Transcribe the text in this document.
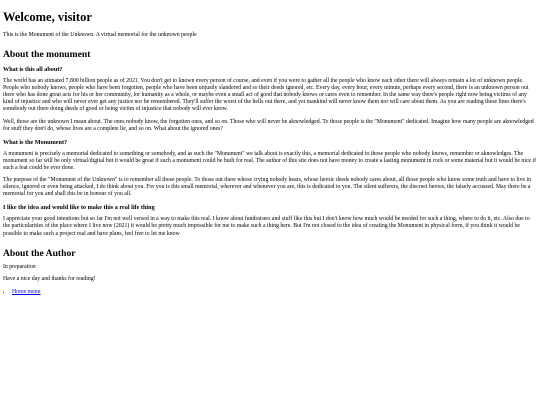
Welcome, visitor

This is the Monument of the Unknown. A virtual memorial for the unknown people

About the monument
What is this all about?

The world has an stimated 7.800 billion people as of 2021. You don't get to known every person of course, and even if you were to gather all the people who know each other there will always remain a lot of unknown people. People who nobody knows, people who have been forgotten, people who have been unjustly slandered and so their deeds ignored, etc. Every day, every hour, every minute, perhaps every second, there is an unknown person out there who has done great acts for his or her community, for humanity as a whole, or maybe even a small act of good that nobody knows or cares even to remember. In the same way there's people right now being victims of any kind of injustice and who will never ever get any justice nor be remembered. They'll suffer the worst of the hells out there, and yet mankind will never know them nor will care about them. As you are reading these lines there's somebody out there doing deeds of good or being victim of injustice that nobody will ever know.

Well, those are the unknown I mean about. The ones nobody know, the forgotten ones, and so on. Those who will never be aknowledged. To those people is the "Monument" dedicated. Imagine how many people are aknowledged for stuff they don't do, whose lives are a complete lie, and so on. What about the ignored ones?

What is the Monument?

A monument is precisely a memorial dedicated to something or somebody, and as such the "Monument" we talk about is exactly this, a memorial dedicated to those people who nobody knows, remember or aknowledges. The monument so far will be only virtual/digital but it would be great if such a monument could be built for real. The author of this site does not have money to create a lasting monument in rock or some material but it would be nice if such a feat could be ever done.

The purpose of the "Monument of the Unknown" is to remember all those people. To those out there whose crying nobody hears, whose heroic deeds nobody cares about, all those people who know some truth and have to live in silence, ignored or even being attacked, I do think about you. For you is this small memorial, wherever and whenever you are, this is dedicated to you. The silent sufferers, the discreet heroes, the falsely accussed. May there be a memorial for you and shall this be in honour of you all.

I like the idea and would like to make this a real life thing

I appreciate your good intentions but so far I'm not well versed in a way to make this real. I know about fundraisers and stuff like this but I don't know how much would be needed for such a thing, where to do it, etc. Also due to the particularities of the place where I live now (2021) it would be pretty much impossible for me to make such a thing here. But I'm not closed to the idea of creating the Monument in physical form, if you think it would be possible to make such a project real and have plans, feel free to let me know

About the Author

In preparation

Have a nice day and thanks for reading!

• Home menu
